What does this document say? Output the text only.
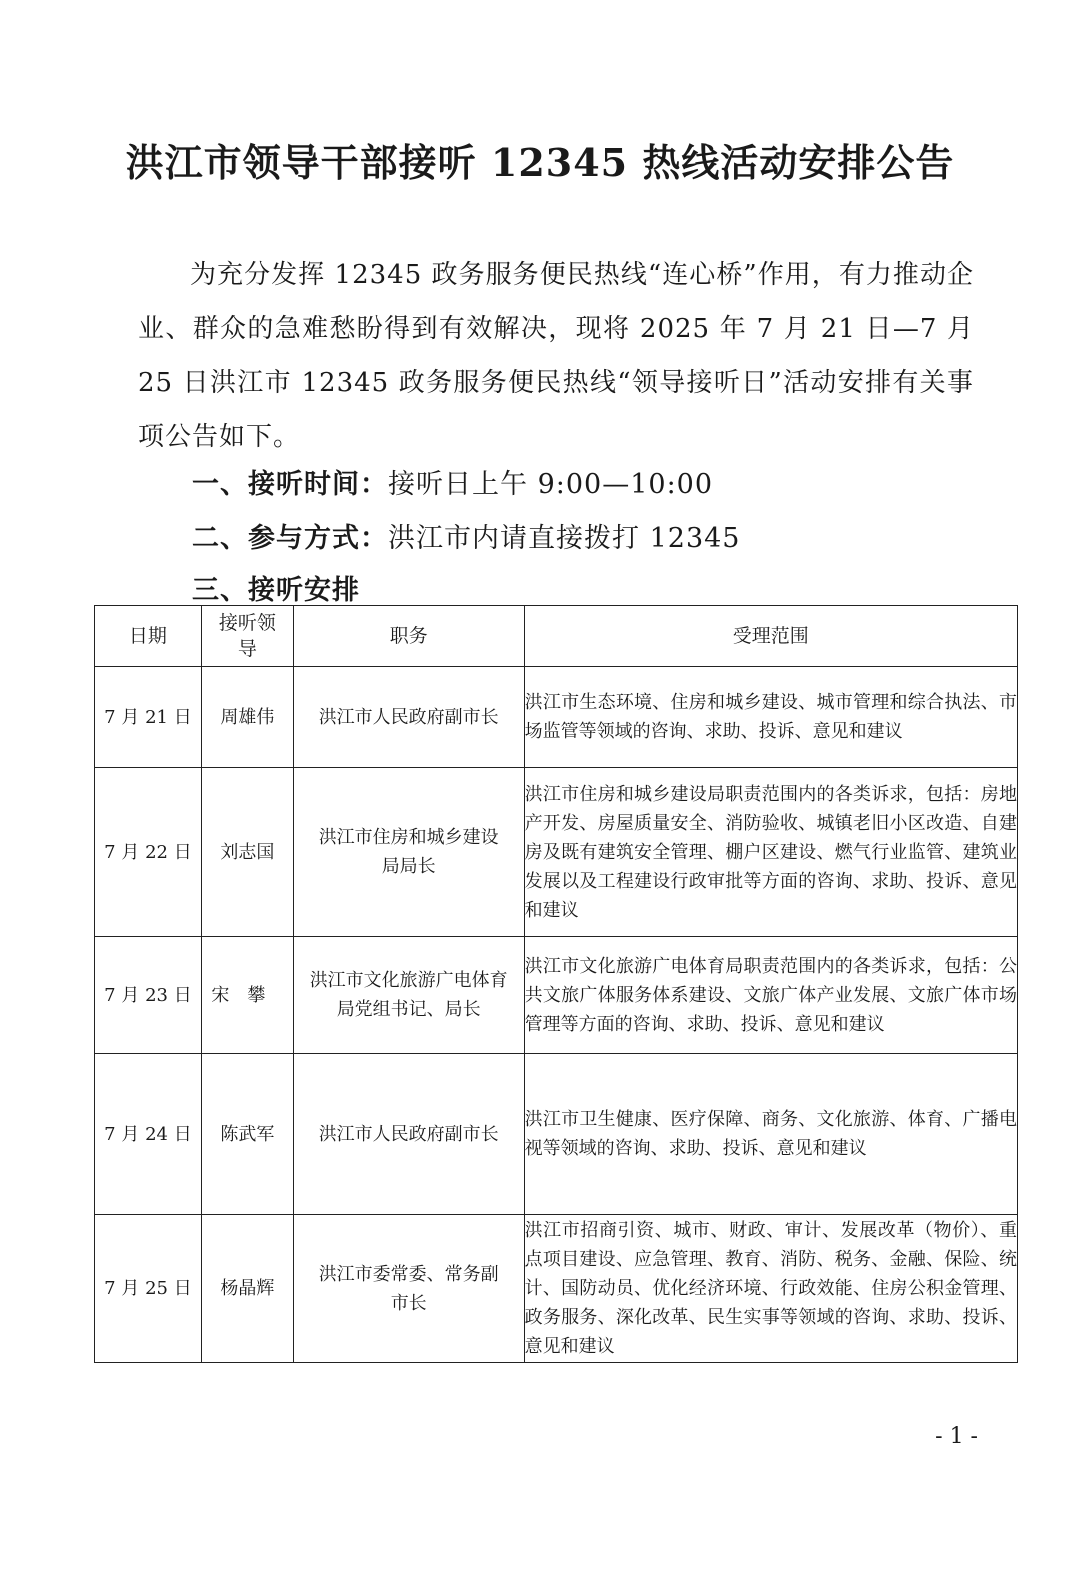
洪江市领导干部接听 12345 热线活动安排公告

为充分发挥 12345 政务服务便民热线“连心桥”作用，有力推动企业、群众的急难愁盼得到有效解决，现将 2025 年 7 月 21 日—7 月 25 日洪江市 12345 政务服务便民热线“领导接听日”活动安排有关事项公告如下。

一、接听时间：接听日上午 9:00—10:00

二、参与方式：洪江市内请直接拨打 12345

三、接听安排

日期	接听领导	职务	受理范围
7 月 21 日	周雄伟	洪江市人民政府副市长	洪江市生态环境、住房和城乡建设、城市管理和综合执法、市场监管等领域的咨询、求助、投诉、意见和建议
7 月 22 日	刘志国	洪江市住房和城乡建设局局长	洪江市住房和城乡建设局职责范围内的各类诉求，包括：房地产开发、房屋质量安全、消防验收、城镇老旧小区改造、自建房及既有建筑安全管理、棚户区建设、燃气行业监管、建筑业发展以及工程建设行政审批等方面的咨询、求助、投诉、意见和建议
7 月 23 日	宋攀	洪江市文化旅游广电体育局党组书记、局长	洪江市文化旅游广电体育局职责范围内的各类诉求，包括：公共文旅广体服务体系建设、文旅广体产业发展、文旅广体市场管理等方面的咨询、求助、投诉、意见和建议
7 月 24 日	陈武军	洪江市人民政府副市长	洪江市卫生健康、医疗保障、商务、文化旅游、体育、广播电视等领域的咨询、求助、投诉、意见和建议
7 月 25 日	杨晶辉	洪江市委常委、常务副市长	洪江市招商引资、城市、财政、审计、发展改革（物价）、重点项目建设、应急管理、教育、消防、税务、金融、保险、统计、国防动员、优化经济环境、行政效能、住房公积金管理、政务服务、深化改革、民生实事等领域的咨询、求助、投诉、意见和建议

- 1 -
